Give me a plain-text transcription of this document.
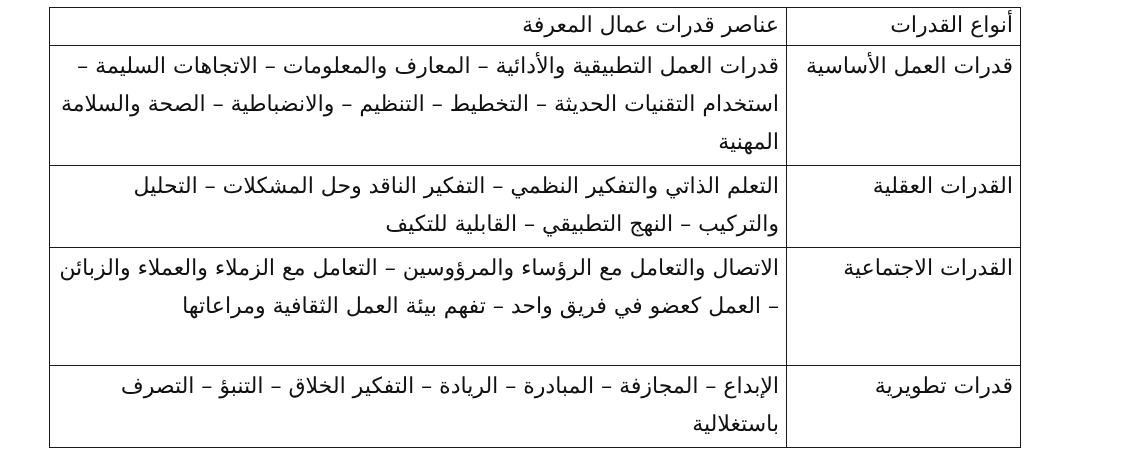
أنواع القدرات	عناصر قدرات عمال المعرفة
قدرات العمل الأساسية	قدرات العمل التطبيقية والأدائية – المعارف والمعلومات – الاتجاهات السليمة – استخدام التقنيات الحديثة – التخطيط – التنظيم – والانضباطية – الصحة والسلامة المهنية
القدرات العقلية	التعلم الذاتي والتفكير النظمي – التفكير الناقد وحل المشكلات – التحليل والتركيب – النهج التطبيقي – القابلية للتكيف
القدرات الاجتماعية	الاتصال والتعامل مع الرؤساء والمرؤوسين – التعامل مع الزملاء والعملاء والزبائن – العمل كعضو في فريق واحد – تفهم بيئة العمل الثقافية ومراعاتها
قدرات تطويرية	الإبداع – المجازفة – المبادرة – الريادة – التفكير الخلاق – التنبؤ – التصرف باستغلالية
